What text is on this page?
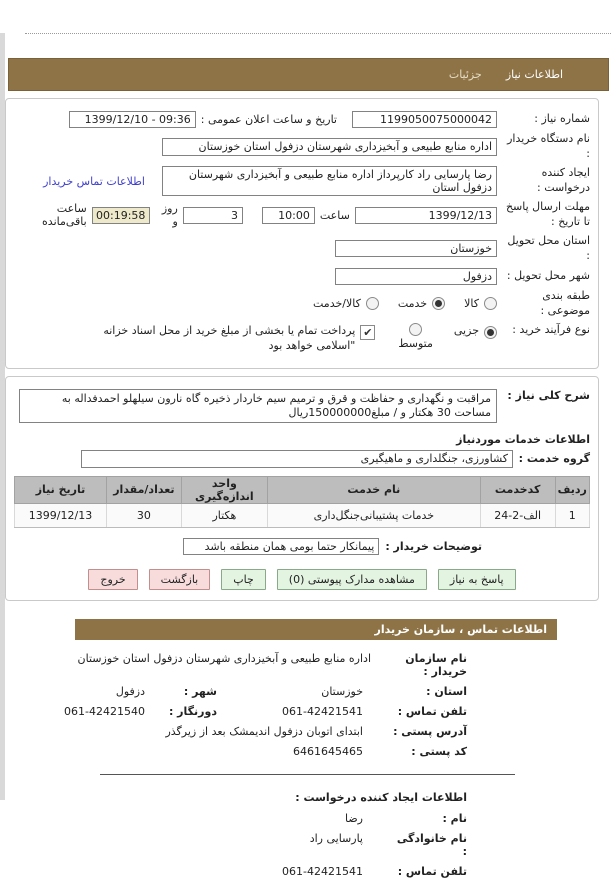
اطلاعات نیاز
جزئیات
شماره نیاز :
1199050075000042
تاریخ و ساعت اعلان عمومی :
1399/12/10 - 09:36
نام دستگاه خریدار :
اداره منابع طبیعی و آبخیزداری شهرستان دزفول استان خوزستان
ایجاد کننده درخواست :
رضا پارسایی راد کارپرداز اداره منابع طبیعی و آبخیزداری شهرستان دزفول استان
اطلاعات تماس خریدار
مهلت ارسال پاسخ تا تاریخ :
1399/12/13
ساعت
10:00
3
روز و
00:19:58
ساعت باقی‌مانده
استان محل تحویل :
خوزستان
شهر محل تحویل :
دزفول
طبقه بندی موضوعی :
کالا
خدمت
کالا/خدمت
نوع فرآیند خرید :
جزیی
متوسط
✔
پرداخت تمام یا بخشی از مبلغ خرید از محل اسناد خزانه "اسلامی خواهد بود
شرح کلی نیاز :
مراقبت و نگهداری و حفاظت و قرق و ترمیم سیم خاردار ذخیره گاه نارون سیلهلو احمدفداله به مساحت 30 هکتار و / مبلغ150000000ریال
اطلاعات خدمات موردنیاز
گروه خدمت :
کشاورزی، جنگلداری و ماهیگیری
ردیف	کدخدمت	نام خدمت	واحد اندازه‌گیری	تعداد/مقدار	تاریخ نیاز
1	الف-2-24	خدمات پشتیبانی‌جنگل‌داری	هکتار	30	1399/12/13
توضیحات خریدار :
پیمانکار حتما بومی همان منطقه باشد
پاسخ به نیاز
مشاهده مدارک پیوستی (0)
چاپ
بازگشت
خروج
اطلاعات تماس ، سازمان خریدار
نام سازمان خریدار :
اداره منابع طبیعی و آبخیزداری شهرستان دزفول استان خوزستان
استان :
خوزستان
شهر :
دزفول
تلفن تماس :
061-42421541
دورنگار :
061-42421540
آدرس پستی :
ابتدای اتوبان دزفول اندیمشک بعد از زیرگذر
کد پستی :
6461645465
اطلاعات ایجاد کننده درخواست :
نام :
رضا
نام خانوادگی :
پارسایی راد
تلفن تماس :
061-42421541
